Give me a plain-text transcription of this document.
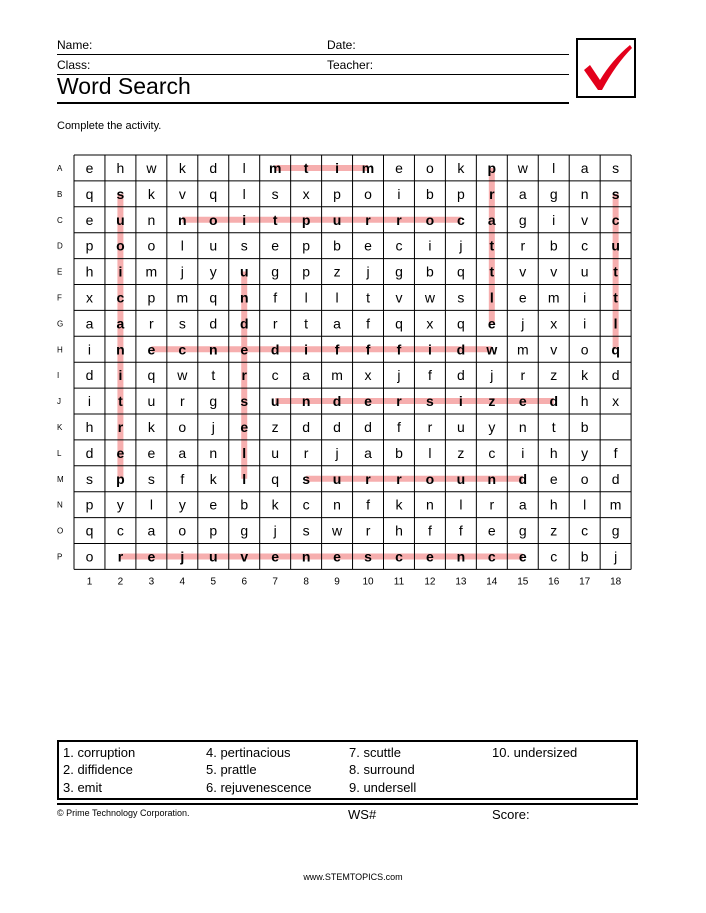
Name:	Date:
Class:	Teacher:
Word Search
Complete the activity.
e h w k d l m t i m e o k p w l a s
q s k v q l s x p o i b p r a g n s
e u n n o i t p u r r o c a g i v c
p o o l u s e p b e c i j t r b c u
h i m j y u g p z j g b q t v v u t
x c p m q n f l l t v w s l e m i t
a a r s d d r t a f q x q e j x i l
i n e c n e d i f f f i d w m v o q
d i q w t r c a m x j f d j r z k d
i t u r g s u n d e r s i z e d h x
h r k o j e z d d d f r u y n t b
d e e a n l u r j a b l z c i h y f
s p s f k l q s u r r o u n d e o d
p y l y e b k c n f k n l r a h l m
q c a o p g j s w r h f f e g z c g
o r e j u v e n e s c e n c e c b j
A
B
C
D
E
F
G
H
I
J
K
L
M
N
O
P
1	2	3	4	5	6	7	8	9 10 11 12 13 14 15 16 17 18
1. corruption
2. diffidence
3. emit
4. pertinacious
5. prattle
6. rejuvenescence
7. scuttle
8. surround
9. undersell
10. undersized
© Prime Technology Corporation.	WS#	Score:
www.STEMTOPICS.com
